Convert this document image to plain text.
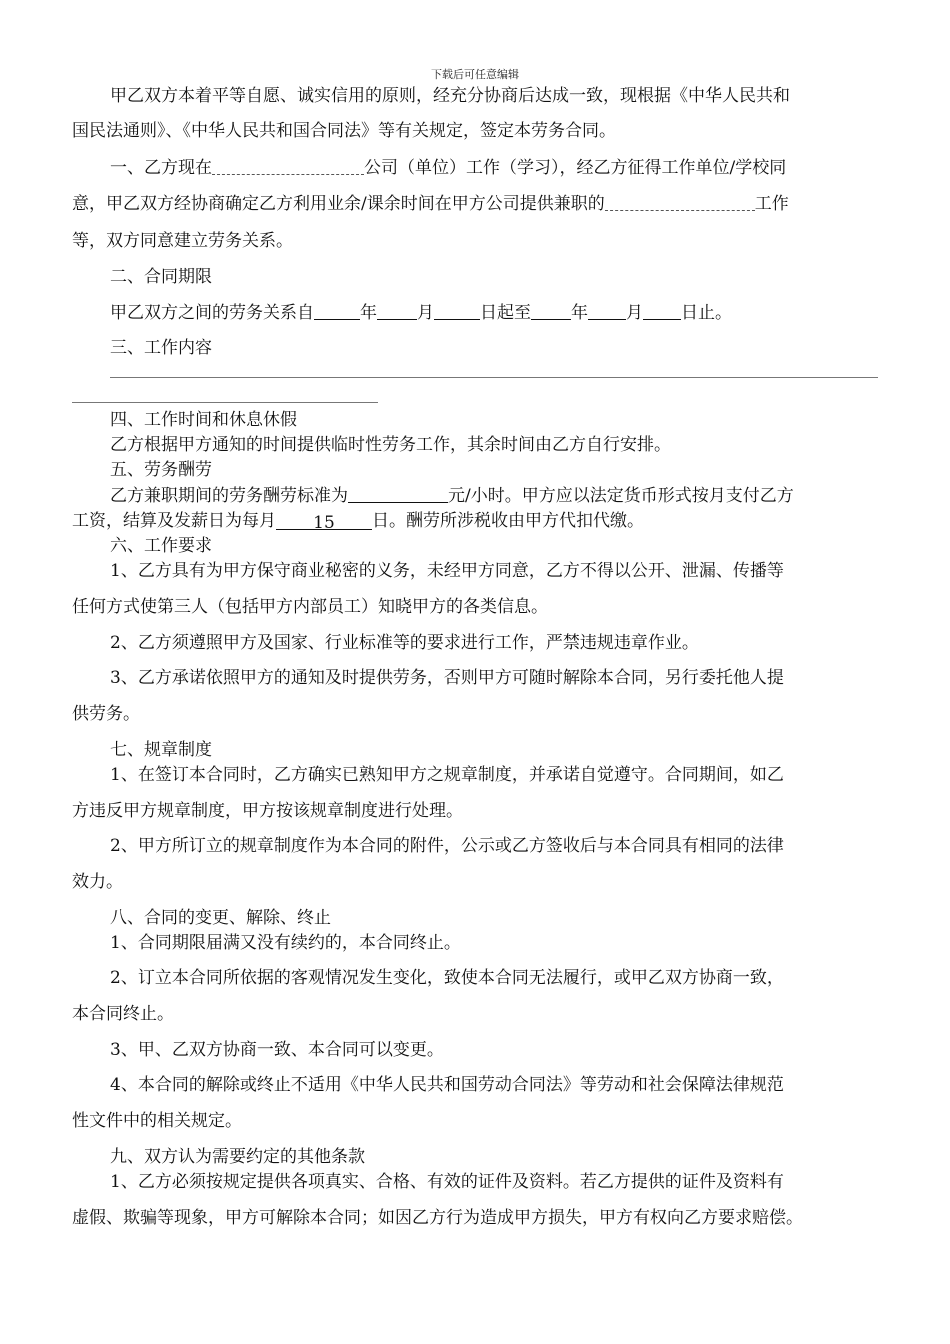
下载后可任意编辑
甲乙双方本着平等自愿、诚实信用的原则，经充分协商后达成一致，现根据《中华人民共和
国民法通则》、《中华人民共和国合同法》等有关规定，签定本劳务合同。
一、乙方现在	公司（单位）工作（学习），经乙方征得工作单位/学校同
意，甲乙双方经协商确定乙方利用业余/课余时间在甲方公司提供兼职的	工作
等，双方同意建立劳务关系。
二、合同期限
甲乙双方之间的劳务关系自	年 月	日起至 年 月 日止。
三、工作内容
四、工作时间和休息休假
乙方根据甲方通知的时间提供临时性劳务工作，其余时间由乙方自行安排。
五、劳务酬劳
乙方兼职期间的劳务酬劳标准为	元/小时。甲方应以法定货币形式按月支付乙方
工资，结算及发薪日为每月 15 日。酬劳所涉税收由甲方代扣代缴。
六、工作要求
1、乙方具有为甲方保守商业秘密的义务，未经甲方同意，乙方不得以公开、泄漏、传播等
任何方式使第三人（包括甲方内部员工）知晓甲方的各类信息。
2、乙方须遵照甲方及国家、行业标准等的要求进行工作，严禁违规违章作业。
3、乙方承诺依照甲方的通知及时提供劳务，否则甲方可随时解除本合同，另行委托他人提
供劳务。
七、规章制度
1、在签订本合同时，乙方确实已熟知甲方之规章制度，并承诺自觉遵守。合同期间，如乙
方违反甲方规章制度，甲方按该规章制度进行处理。
2、甲方所订立的规章制度作为本合同的附件，公示或乙方签收后与本合同具有相同的法律
效力。
八、合同的变更、解除、终止
1、合同期限届满又没有续约的，本合同终止。
2、订立本合同所依据的客观情况发生变化，致使本合同无法履行，或甲乙双方协商一致，
本合同终止。
3、甲、乙双方协商一致、本合同可以变更。
4、本合同的解除或终止不适用《中华人民共和国劳动合同法》等劳动和社会保障法律规范
性文件中的相关规定。
九、双方认为需要约定的其他条款
1、乙方必须按规定提供各项真实、合格、有效的证件及资料。若乙方提供的证件及资料有
虚假、欺骗等现象，甲方可解除本合同；如因乙方行为造成甲方损失，甲方有权向乙方要求赔偿。
